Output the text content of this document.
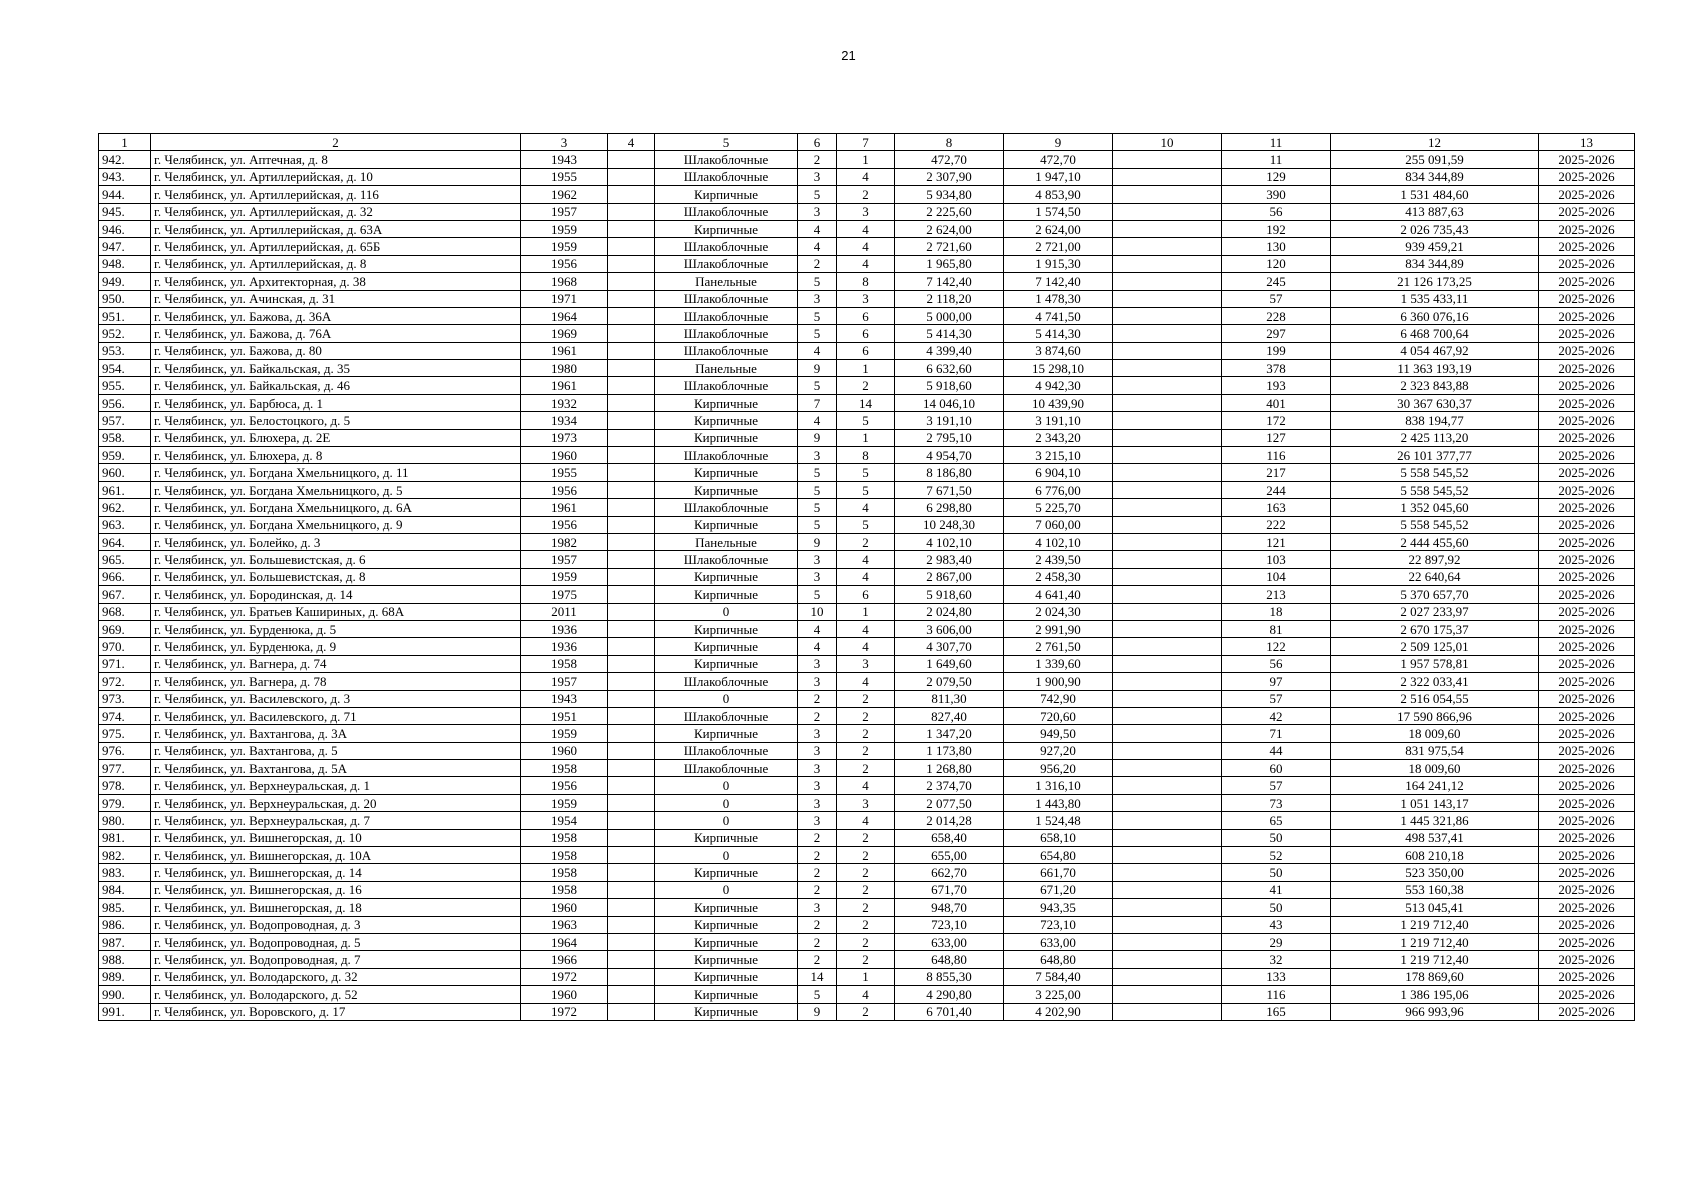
21
1	2	3	4	5	6	7	8	9	10	11	12	13
942.	г. Челябинск, ул. Аптечная, д. 8	1943		Шлакоблочные	2	1	472,70	472,70		11	255 091,59	2025-2026
943.	г. Челябинск, ул. Артиллерийская, д. 10	1955		Шлакоблочные	3	4	2 307,90	1 947,10		129	834 344,89	2025-2026
944.	г. Челябинск, ул. Артиллерийская, д. 116	1962		Кирпичные	5	2	5 934,80	4 853,90		390	1 531 484,60	2025-2026
945.	г. Челябинск, ул. Артиллерийская, д. 32	1957		Шлакоблочные	3	3	2 225,60	1 574,50		56	413 887,63	2025-2026
946.	г. Челябинск, ул. Артиллерийская, д. 63А	1959		Кирпичные	4	4	2 624,00	2 624,00		192	2 026 735,43	2025-2026
947.	г. Челябинск, ул. Артиллерийская, д. 65Б	1959		Шлакоблочные	4	4	2 721,60	2 721,00		130	939 459,21	2025-2026
948.	г. Челябинск, ул. Артиллерийская, д. 8	1956		Шлакоблочные	2	4	1 965,80	1 915,30		120	834 344,89	2025-2026
949.	г. Челябинск, ул. Архитекторная, д. 38	1968		Панельные	5	8	7 142,40	7 142,40		245	21 126 173,25	2025-2026
950.	г. Челябинск, ул. Ачинская, д. 31	1971		Шлакоблочные	3	3	2 118,20	1 478,30		57	1 535 433,11	2025-2026
951.	г. Челябинск, ул. Бажова, д. 36А	1964		Шлакоблочные	5	6	5 000,00	4 741,50		228	6 360 076,16	2025-2026
952.	г. Челябинск, ул. Бажова, д. 76А	1969		Шлакоблочные	5	6	5 414,30	5 414,30		297	6 468 700,64	2025-2026
953.	г. Челябинск, ул. Бажова, д. 80	1961		Шлакоблочные	4	6	4 399,40	3 874,60		199	4 054 467,92	2025-2026
954.	г. Челябинск, ул. Байкальская, д. 35	1980		Панельные	9	1	6 632,60	15 298,10		378	11 363 193,19	2025-2026
955.	г. Челябинск, ул. Байкальская, д. 46	1961		Шлакоблочные	5	2	5 918,60	4 942,30		193	2 323 843,88	2025-2026
956.	г. Челябинск, ул. Барбюса, д. 1	1932		Кирпичные	7	14	14 046,10	10 439,90		401	30 367 630,37	2025-2026
957.	г. Челябинск, ул. Белостоцкого, д. 5	1934		Кирпичные	4	5	3 191,10	3 191,10		172	838 194,77	2025-2026
958.	г. Челябинск, ул. Блюхера, д. 2Е	1973		Кирпичные	9	1	2 795,10	2 343,20		127	2 425 113,20	2025-2026
959.	г. Челябинск, ул. Блюхера, д. 8	1960		Шлакоблочные	3	8	4 954,70	3 215,10		116	26 101 377,77	2025-2026
960.	г. Челябинск, ул. Богдана Хмельницкого, д. 11	1955		Кирпичные	5	5	8 186,80	6 904,10		217	5 558 545,52	2025-2026
961.	г. Челябинск, ул. Богдана Хмельницкого, д. 5	1956		Кирпичные	5	5	7 671,50	6 776,00		244	5 558 545,52	2025-2026
962.	г. Челябинск, ул. Богдана Хмельницкого, д. 6А	1961		Шлакоблочные	5	4	6 298,80	5 225,70		163	1 352 045,60	2025-2026
963.	г. Челябинск, ул. Богдана Хмельницкого, д. 9	1956		Кирпичные	5	5	10 248,30	7 060,00		222	5 558 545,52	2025-2026
964.	г. Челябинск, ул. Болейко, д. 3	1982		Панельные	9	2	4 102,10	4 102,10		121	2 444 455,60	2025-2026
965.	г. Челябинск, ул. Большевистская, д. 6	1957		Шлакоблочные	3	4	2 983,40	2 439,50		103	22 897,92	2025-2026
966.	г. Челябинск, ул. Большевистская, д. 8	1959		Кирпичные	3	4	2 867,00	2 458,30		104	22 640,64	2025-2026
967.	г. Челябинск, ул. Бородинская, д. 14	1975		Кирпичные	5	6	5 918,60	4 641,40		213	5 370 657,70	2025-2026
968.	г. Челябинск, ул. Братьев Кашириных, д. 68А	2011		0	10	1	2 024,80	2 024,30		18	2 027 233,97	2025-2026
969.	г. Челябинск, ул. Бурденюка, д. 5	1936		Кирпичные	4	4	3 606,00	2 991,90		81	2 670 175,37	2025-2026
970.	г. Челябинск, ул. Бурденюка, д. 9	1936		Кирпичные	4	4	4 307,70	2 761,50		122	2 509 125,01	2025-2026
971.	г. Челябинск, ул. Вагнера, д. 74	1958		Кирпичные	3	3	1 649,60	1 339,60		56	1 957 578,81	2025-2026
972.	г. Челябинск, ул. Вагнера, д. 78	1957		Шлакоблочные	3	4	2 079,50	1 900,90		97	2 322 033,41	2025-2026
973.	г. Челябинск, ул. Василевского, д. 3	1943		0	2	2	811,30	742,90		57	2 516 054,55	2025-2026
974.	г. Челябинск, ул. Василевского, д. 71	1951		Шлакоблочные	2	2	827,40	720,60		42	17 590 866,96	2025-2026
975.	г. Челябинск, ул. Вахтангова, д. 3А	1959		Кирпичные	3	2	1 347,20	949,50		71	18 009,60	2025-2026
976.	г. Челябинск, ул. Вахтангова, д. 5	1960		Шлакоблочные	3	2	1 173,80	927,20		44	831 975,54	2025-2026
977.	г. Челябинск, ул. Вахтангова, д. 5А	1958		Шлакоблочные	3	2	1 268,80	956,20		60	18 009,60	2025-2026
978.	г. Челябинск, ул. Верхнеуральская, д. 1	1956		0	3	4	2 374,70	1 316,10		57	164 241,12	2025-2026
979.	г. Челябинск, ул. Верхнеуральская, д. 20	1959		0	3	3	2 077,50	1 443,80		73	1 051 143,17	2025-2026
980.	г. Челябинск, ул. Верхнеуральская, д. 7	1954		0	3	4	2 014,28	1 524,48		65	1 445 321,86	2025-2026
981.	г. Челябинск, ул. Вишнегорская, д. 10	1958		Кирпичные	2	2	658,40	658,10		50	498 537,41	2025-2026
982.	г. Челябинск, ул. Вишнегорская, д. 10А	1958		0	2	2	655,00	654,80		52	608 210,18	2025-2026
983.	г. Челябинск, ул. Вишнегорская, д. 14	1958		Кирпичные	2	2	662,70	661,70		50	523 350,00	2025-2026
984.	г. Челябинск, ул. Вишнегорская, д. 16	1958		0	2	2	671,70	671,20		41	553 160,38	2025-2026
985.	г. Челябинск, ул. Вишнегорская, д. 18	1960		Кирпичные	3	2	948,70	943,35		50	513 045,41	2025-2026
986.	г. Челябинск, ул. Водопроводная, д. 3	1963		Кирпичные	2	2	723,10	723,10		43	1 219 712,40	2025-2026
987.	г. Челябинск, ул. Водопроводная, д. 5	1964		Кирпичные	2	2	633,00	633,00		29	1 219 712,40	2025-2026
988.	г. Челябинск, ул. Водопроводная, д. 7	1966		Кирпичные	2	2	648,80	648,80		32	1 219 712,40	2025-2026
989.	г. Челябинск, ул. Володарского, д. 32	1972		Кирпичные	14	1	8 855,30	7 584,40		133	178 869,60	2025-2026
990.	г. Челябинск, ул. Володарского, д. 52	1960		Кирпичные	5	4	4 290,80	3 225,00		116	1 386 195,06	2025-2026
991.	г. Челябинск, ул. Воровского, д. 17	1972		Кирпичные	9	2	6 701,40	4 202,90		165	966 993,96	2025-2026
